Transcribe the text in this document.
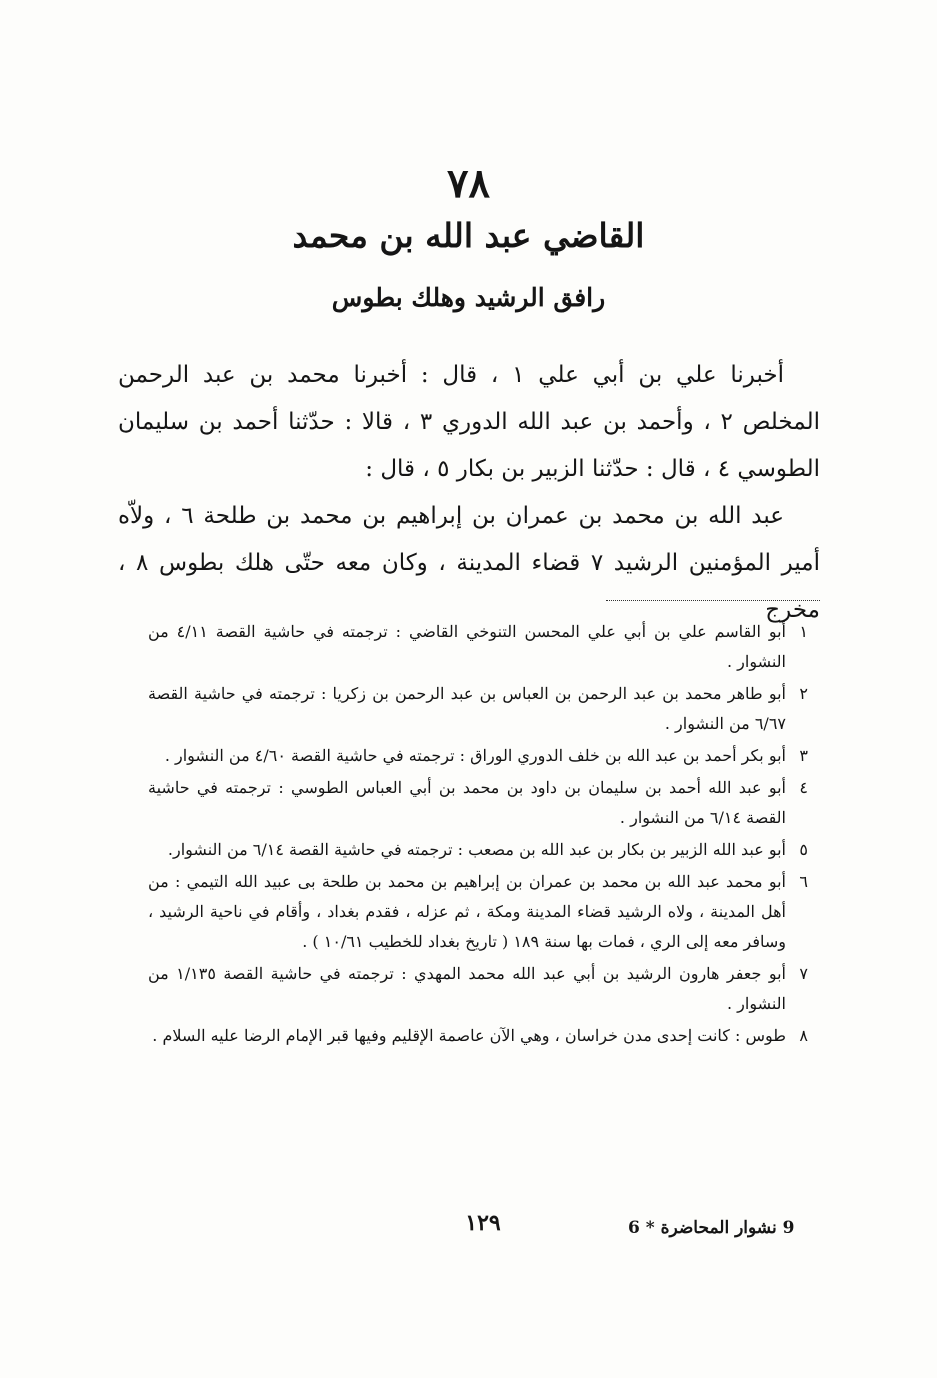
٧٨
القاضي عبد الله بن محمد
رافق الرشيد وهلك بطوس

أخبرنا علي بن أبي علي ١ ، قال : أخبرنا محمد بن عبد الرحمن المخلص ٢ ، وأحمد بن عبد الله الدوري ٣ ، قالا : حدّثنا أحمد بن سليمان الطوسي ٤ ، قال : حدّثنا الزبير بن بكار ٥ ، قال :

عبد الله بن محمد بن عمران بن إبراهيم بن محمد بن طلحة ٦ ، ولاّه أمير المؤمنين الرشيد ٧ قضاء المدينة ، وكان معه حتّى هلك بطوس ٨ ، مخرج

١
أبو القاسم علي بن أبي علي المحسن التنوخي القاضي : ترجمته في حاشية القصة ٤/١١ من النشوار .
٢
أبو طاهر محمد بن عبد الرحمن بن العباس بن عبد الرحمن بن زكريا : ترجمته في حاشية القصة ٦/٦٧ من النشوار .
٣
أبو بكر أحمد بن عبد الله بن خلف الدوري الوراق : ترجمته في حاشية القصة ٤/٦٠ من النشوار .
٤
أبو عبد الله أحمد بن سليمان بن داود بن محمد بن أبي العباس الطوسي : ترجمته في حاشية القصة ٦/١٤ من النشوار .
٥
أبو عبد الله الزبير بن بكار بن عبد الله بن مصعب : ترجمته في حاشية القصة ٦/١٤ من النشوار.
٦
أبو محمد عبد الله بن محمد بن عمران بن إبراهيم بن محمد بن طلحة بى عبيد الله التيمي : من أهل المدينة ، ولاه الرشيد قضاء المدينة ومكة ، ثم عزله ، فقدم بغداد ، وأقام في ناحية الرشيد ، وسافر معه إلى الري ، فمات بها سنة ١٨٩ ( تاريخ بغداد للخطيب ١٠/٦١ ) .
٧
أبو جعفر هارون الرشيد بن أبي عبد الله محمد المهدي : ترجمته في حاشية القصة ١/١٣٥ من النشوار .
٨
طوس : كانت إحدى مدن خراسان ، وهي الآن عاصمة الإقليم وفيها قبر الإمام الرضا عليه السلام .
١٢٩	9 نشوار المحاضرة * 6
